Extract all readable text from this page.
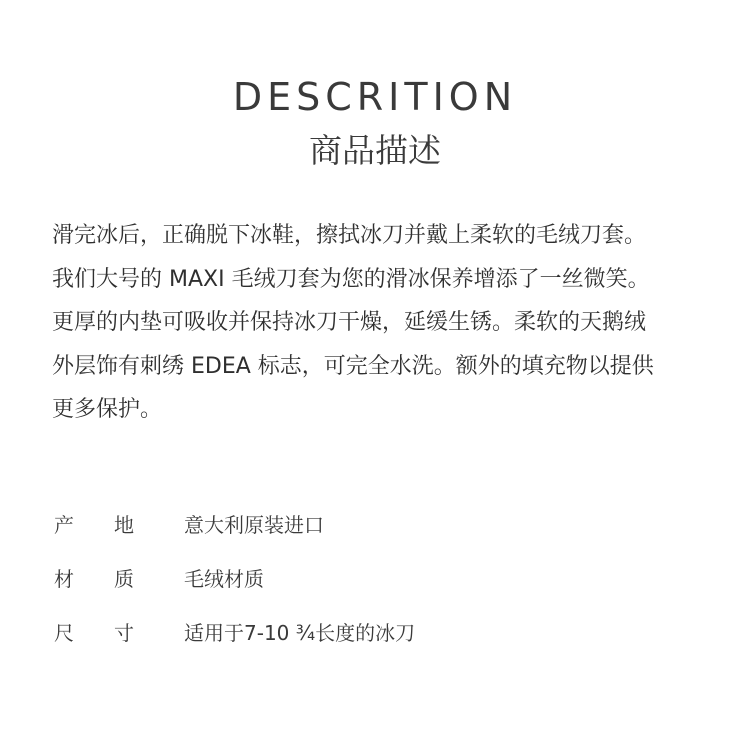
DESCRITION
商品描述
滑完冰后，正确脱下冰鞋，擦拭冰刀并戴上柔软的毛绒刀套。
我们大号的 MAXI 毛绒刀套为您的滑冰保养增添了一丝微笑。
更厚的内垫可吸收并保持冰刀干燥，延缓生锈。柔软的天鹅绒
外层饰有刺绣 EDEA 标志，可完全水洗。额外的填充物以提供
更多保护。
产 地	意大利原装进口
材 质	毛绒材质
尺 寸	适用于7-10 ¾长度的冰刀
